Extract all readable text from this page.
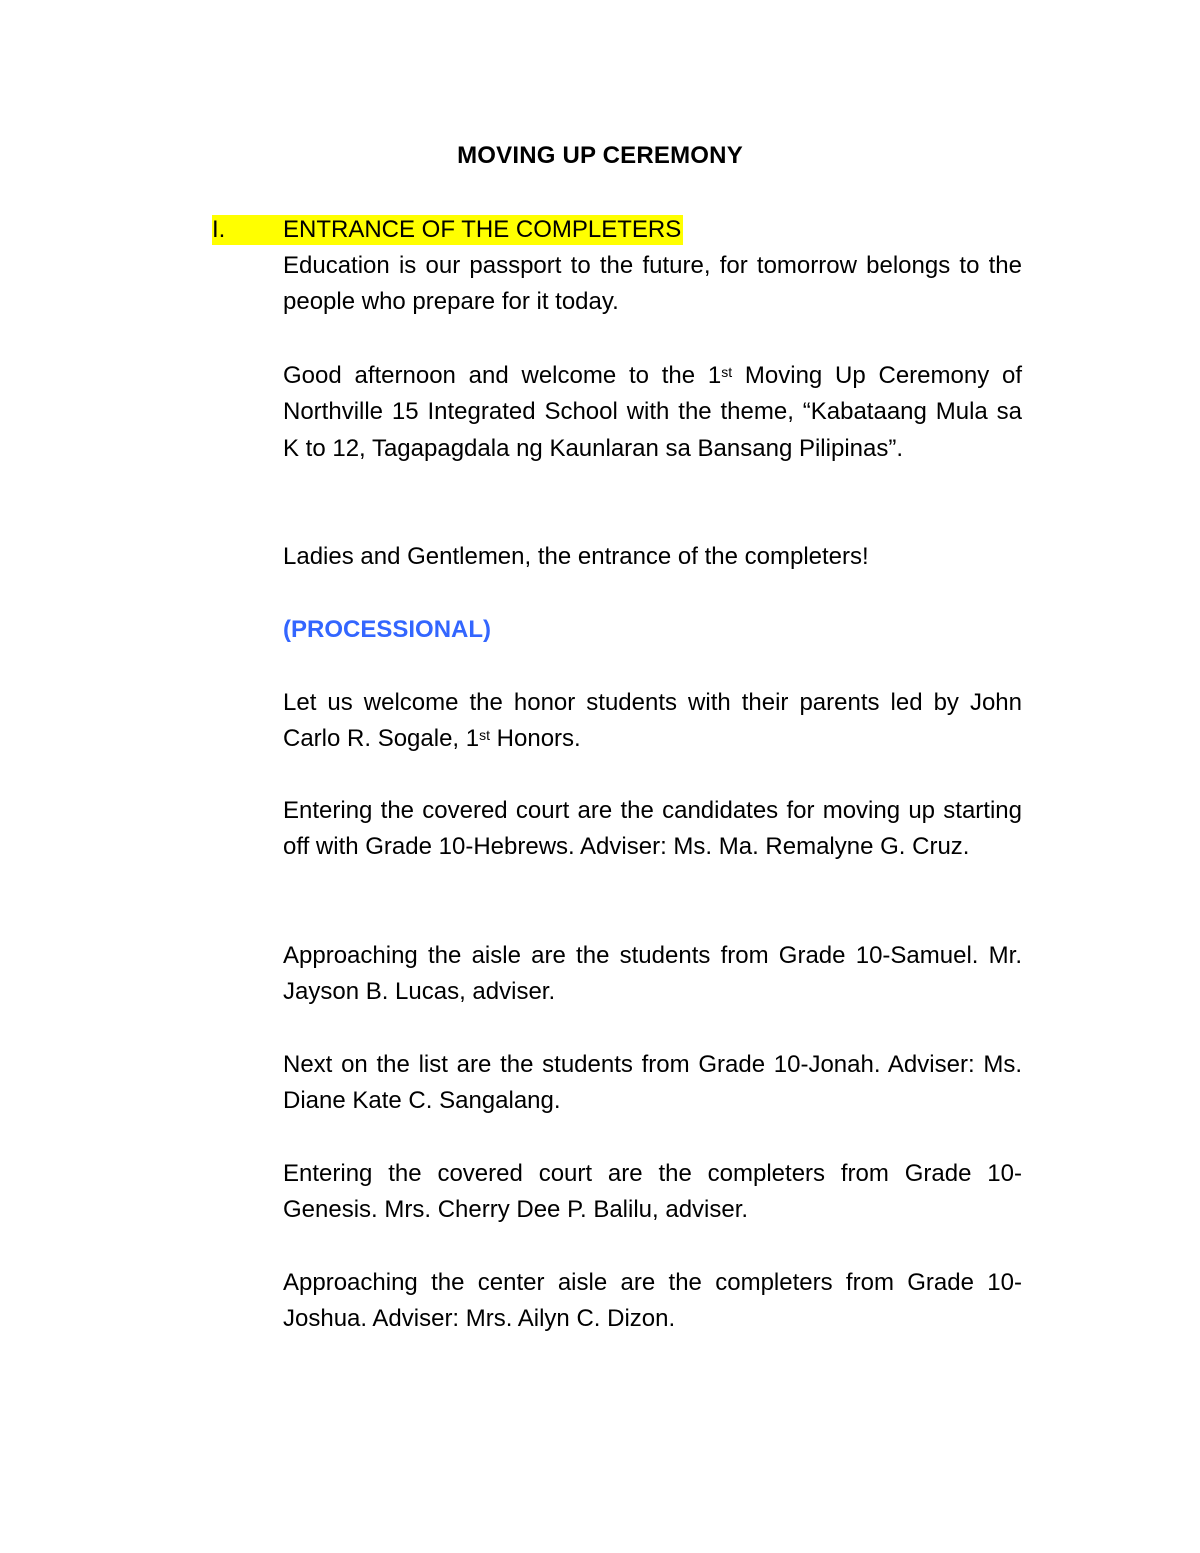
MOVING UP CEREMONY
I.	ENTRANCE OF THE COMPLETERS
Education is our passport to the future, for tomorrow belongs to the people who prepare for it today.
Good afternoon and welcome to the 1st Moving Up Ceremony of Northville 15 Integrated School with the theme, “Kabataang Mula sa K to 12, Tagapagdala ng Kaunlaran sa Bansang Pilipinas”.
Ladies and Gentlemen, the entrance of the completers!
(PROCESSIONAL)
Let us welcome the honor students with their parents led by John Carlo R. Sogale, 1st Honors.
Entering the covered court are the candidates for moving up starting off with Grade 10-Hebrews. Adviser: Ms. Ma. Remalyne G. Cruz.
Approaching the aisle are the students from Grade 10-Samuel. Mr. Jayson B. Lucas, adviser.
Next on the list are the students from Grade 10-Jonah. Adviser: Ms. Diane Kate C. Sangalang.
Entering the covered court are the completers from Grade 10-Genesis. Mrs. Cherry Dee P. Balilu, adviser.
Approaching the center aisle are the completers from Grade 10-Joshua. Adviser: Mrs. Ailyn C. Dizon.
